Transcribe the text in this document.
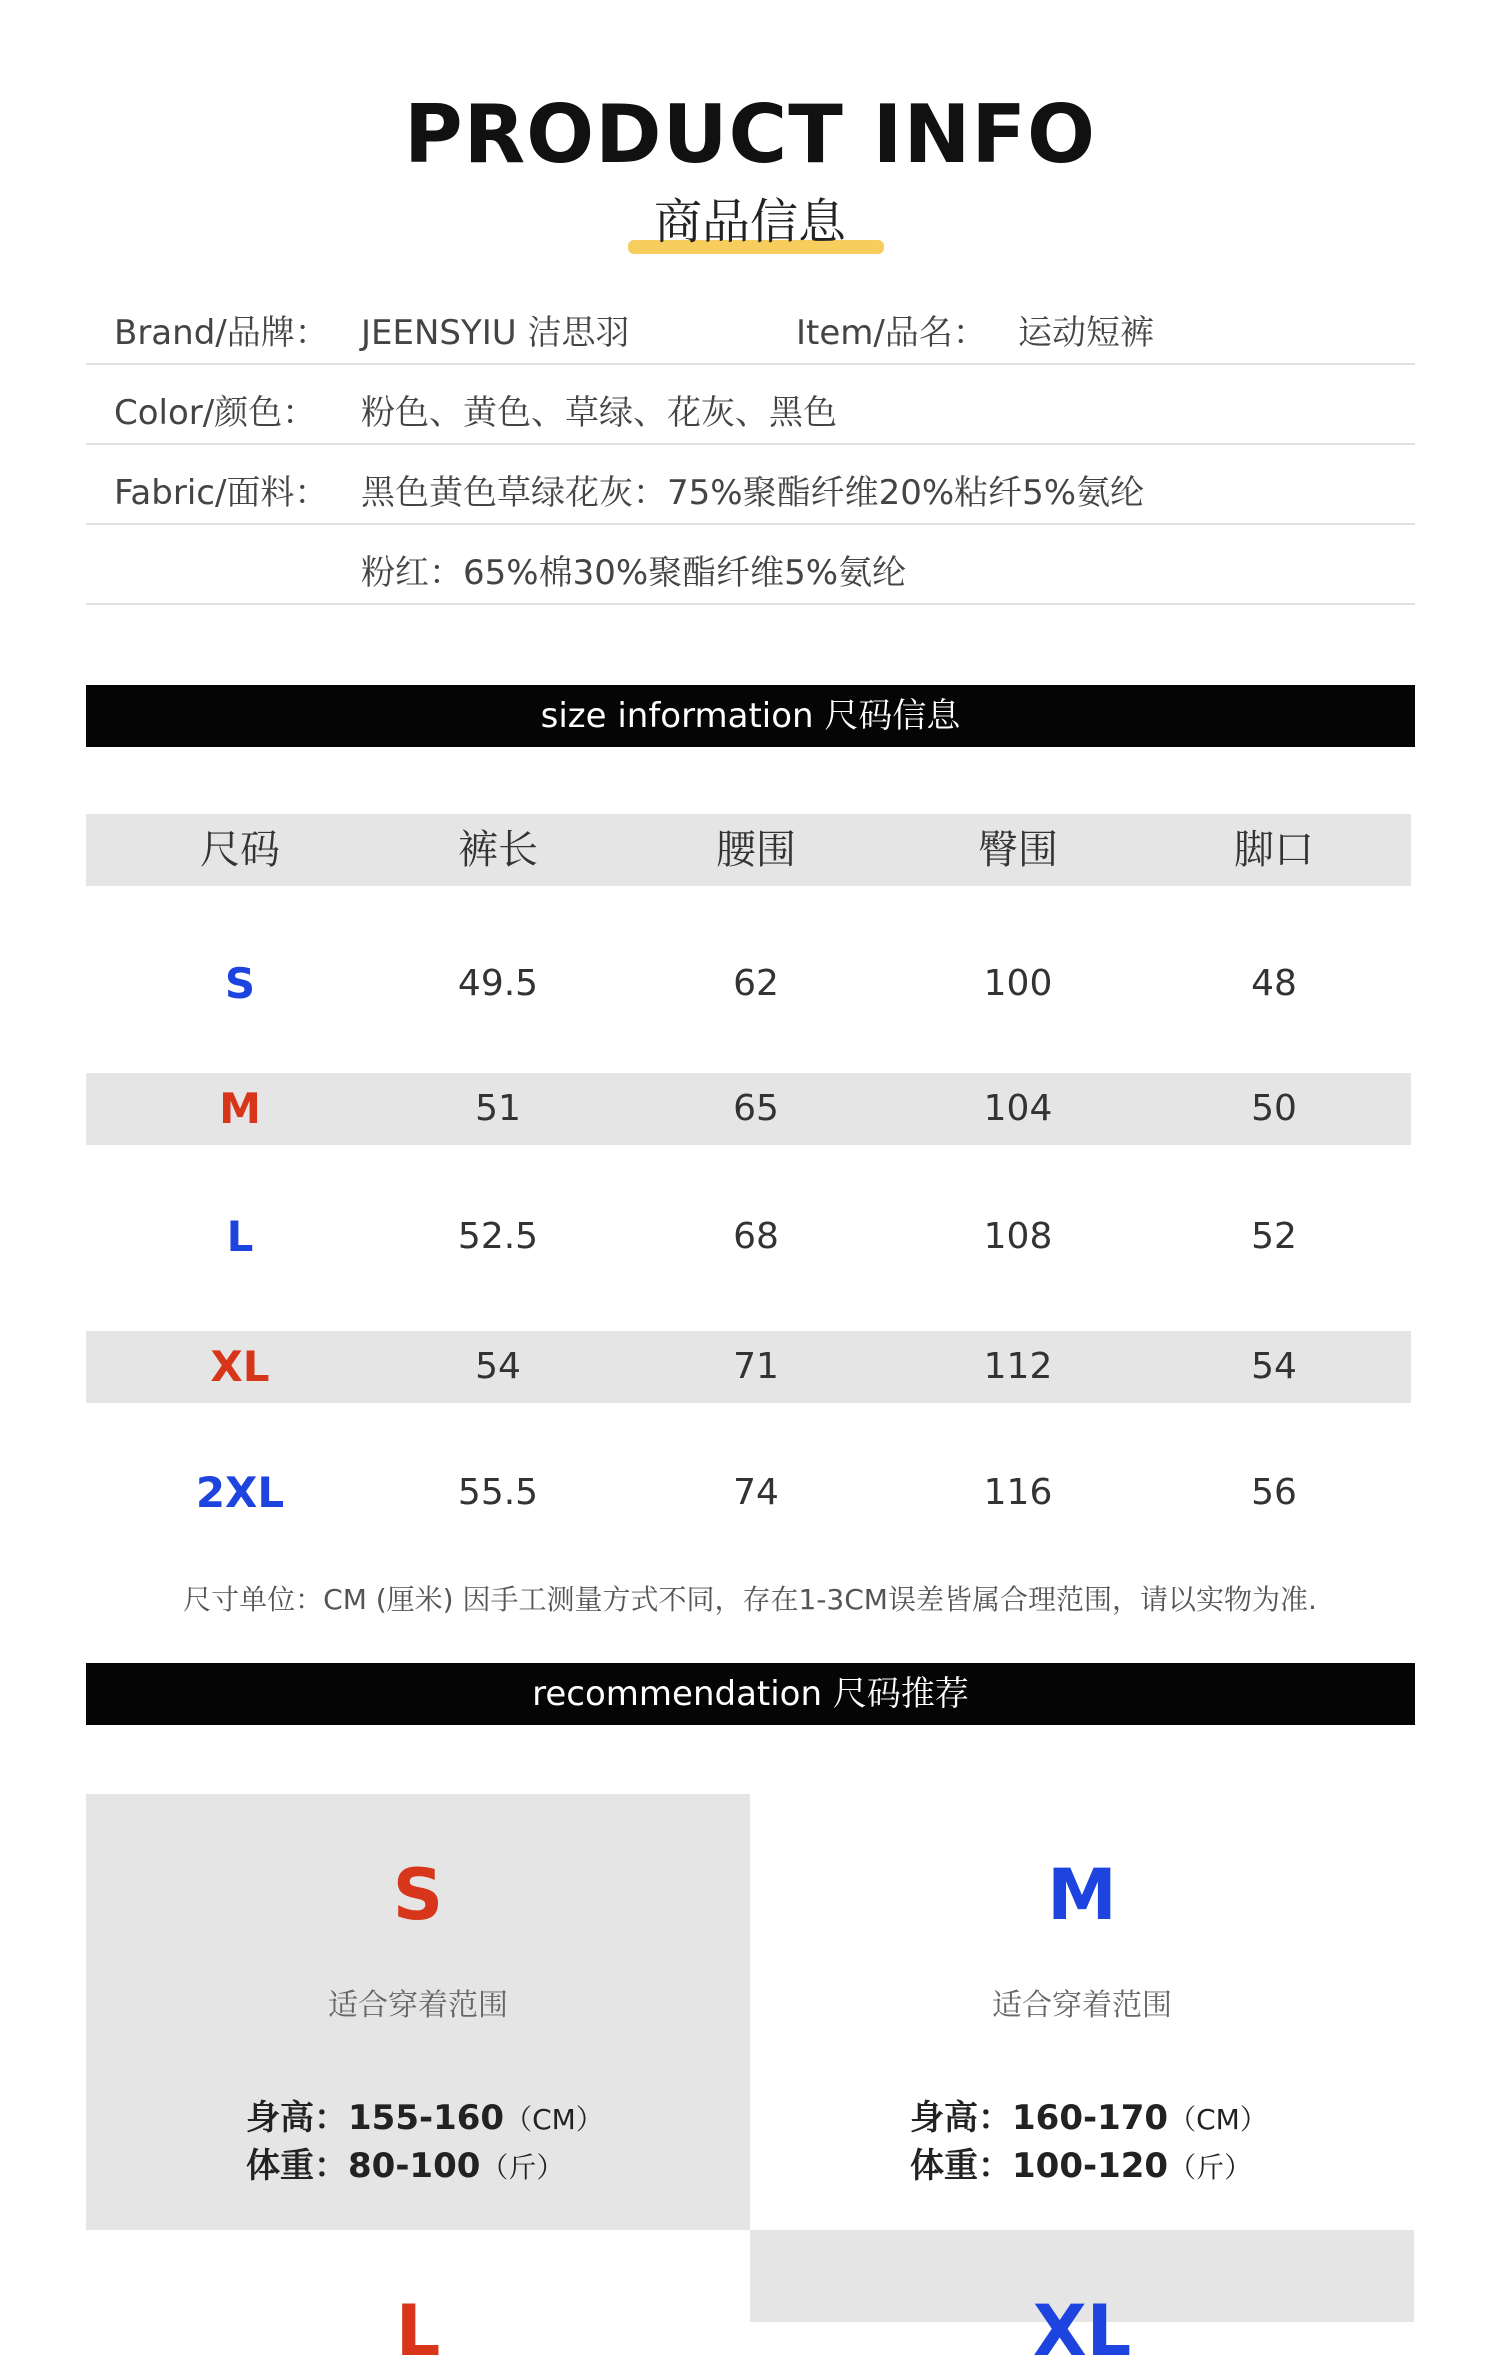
PRODUCT INFO
商品信息
Brand/品牌： JEENSYIU 洁思羽	Item/品名： 运动短裤
Color/颜色： 粉色、黄色、草绿、花灰、黑色
Fabric/面料： 黑色黄色草绿花灰：75%聚酯纤维20%粘纤5%氨纶
粉红：65%棉30%聚酯纤维5%氨纶
size information 尺码信息
尺码	裤长	腰围	臀围	脚口
S	49.5	62	100	48
M	51	65	104	50
L	52.5	68	108	52
XL	54	71	112	54
2XL	55.5	74	116	56
尺寸单位：CM (厘米) 因手工测量方式不同，存在1-3CM误差皆属合理范围，请以实物为准.
recommendation 尺码推荐
S
适合穿着范围
身高：155-160（CM）
体重：80-100（斤）
M
适合穿着范围
身高：160-170（CM）
体重：100-120（斤）
L	XL
